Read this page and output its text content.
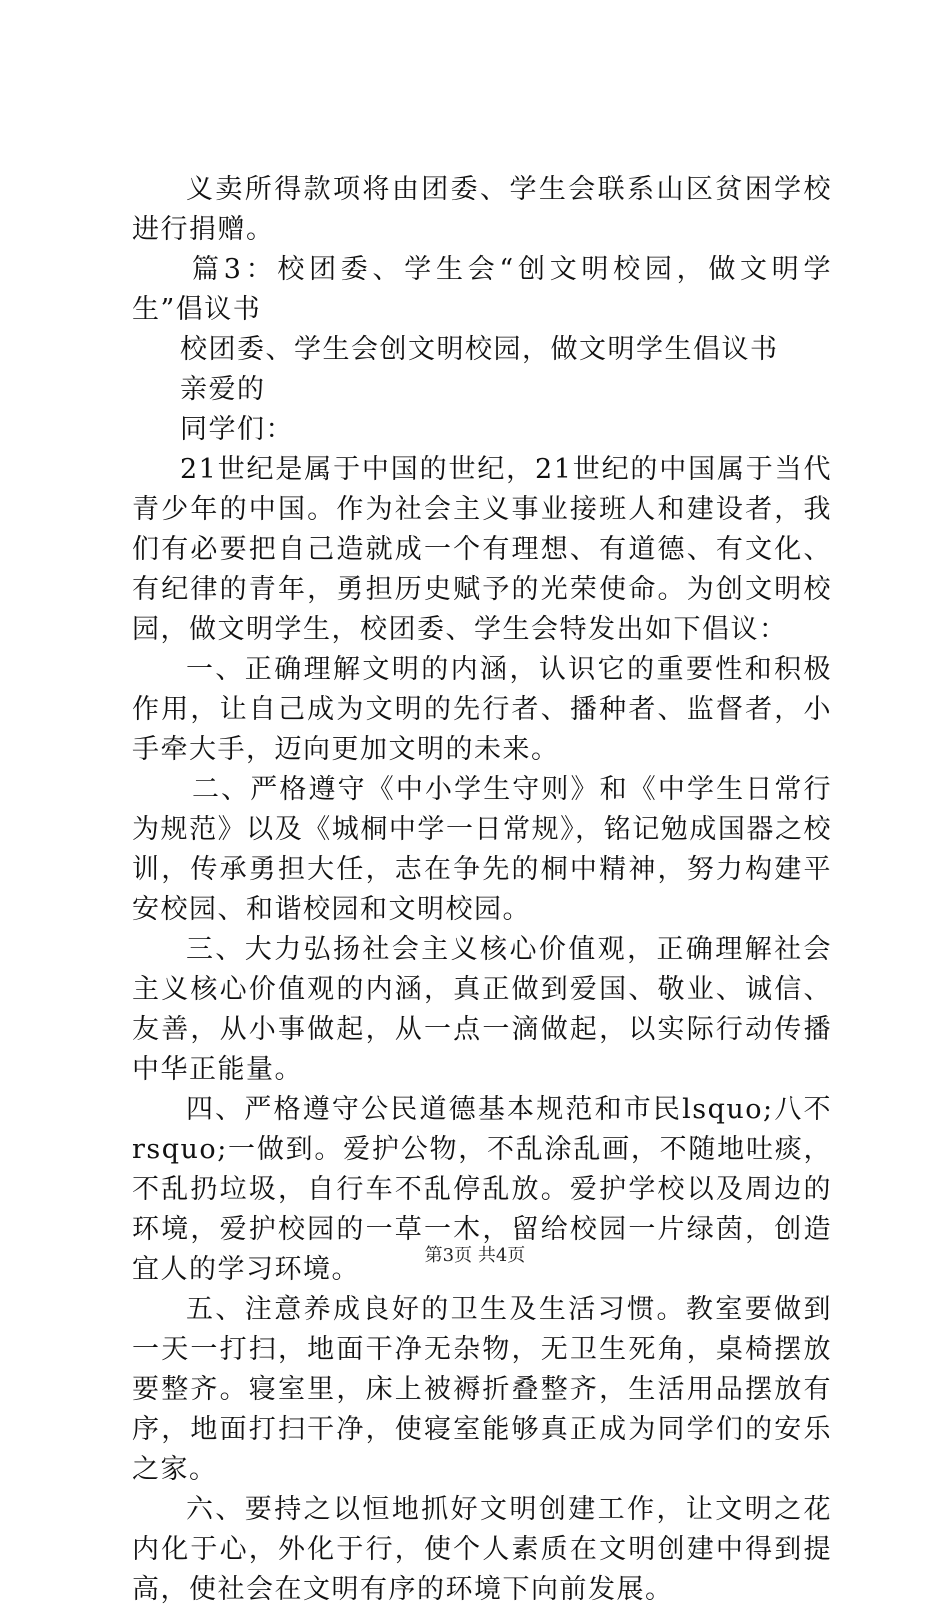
义卖所得款项将由团委、学生会联系山区贫困学校进行捐赠。

篇3：校团委、学生会“创文明校园，做文明学生”倡议书

校团委、学生会创文明校园，做文明学生倡议书

亲爱的

同学们：

21世纪是属于中国的世纪，21世纪的中国属于当代青少年的中国。作为社会主义事业接班人和建设者，我们有必要把自己造就成一个有理想、有道德、有文化、有纪律的青年，勇担历史赋予的光荣使命。为创文明校园，做文明学生，校团委、学生会特发出如下倡议：

一、正确理解文明的内涵，认识它的重要性和积极作用，让自己成为文明的先行者、播种者、监督者，小手牵大手，迈向更加文明的未来。

二、严格遵守《中小学生守则》和《中学生日常行为规范》以及《城桐中学一日常规》，铭记勉成国器之校训，传承勇担大任，志在争先的桐中精神，努力构建平安校园、和谐校园和文明校园。

三、大力弘扬社会主义核心价值观，正确理解社会主义核心价值观的内涵，真正做到爱国、敬业、诚信、友善，从小事做起，从一点一滴做起，以实际行动传播中华正能量。

四、严格遵守公民道德基本规范和市民lsquo;八不rsquo;一做到。爱护公物，不乱涂乱画，不随地吐痰，不乱扔垃圾，自行车不乱停乱放。爱护学校以及周边的环境，爱护校园的一草一木，留给校园一片绿茵，创造宜人的学习环境。

五、注意养成良好的卫生及生活习惯。教室要做到一天一打扫，地面干净无杂物，无卫生死角，桌椅摆放要整齐。寝室里，床上被褥折叠整齐，生活用品摆放有序，地面打扫干净，使寝室能够真正成为同学们的安乐之家。

六、要持之以恒地抓好文明创建工作，让文明之花内化于心，外化于行，使个人素质在文明创建中得到提高，使社会在文明有序的环境下向前发展。

第3页 共4页
